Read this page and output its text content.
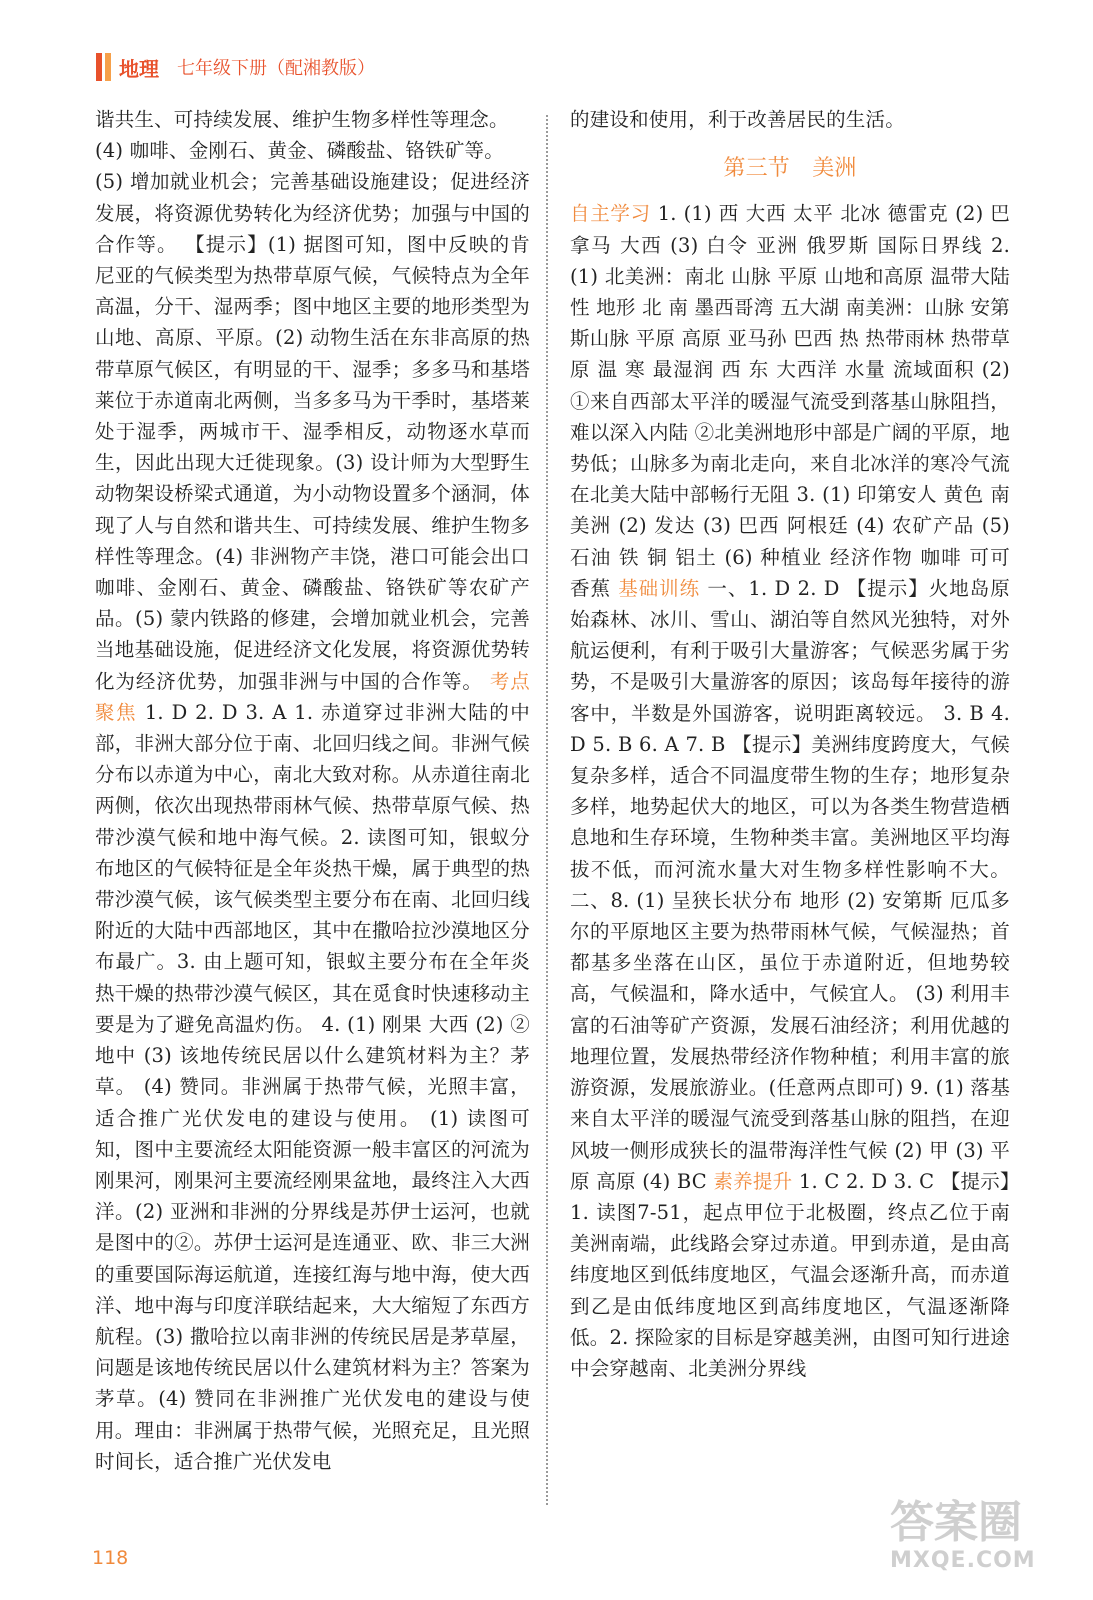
地理 七年级下册（配湘教版）

谐共生、可持续发展、维护生物多样性等理念。

(4) 咖啡、金刚石、黄金、磷酸盐、铬铁矿等。

(5) 增加就业机会；完善基础设施建设；促进经济发展，将资源优势转化为经济优势；加强与中国的合作等。 【提示】(1) 据图可知，图中反映的肯尼亚的气候类型为热带草原气候，气候特点为全年高温，分干、湿两季；图中地区主要的地形类型为山地、高原、平原。(2) 动物生活在东非高原的热带草原气候区，有明显的干、湿季；多多马和基塔莱位于赤道南北两侧，当多多马为干季时，基塔莱处于湿季，两城市干、湿季相反，动物逐水草而生，因此出现大迁徙现象。(3) 设计师为大型野生动物架设桥梁式通道，为小动物设置多个涵洞，体现了人与自然和谐共生、可持续发展、维护生物多样性等理念。(4) 非洲物产丰饶，港口可能会出口咖啡、金刚石、黄金、磷酸盐、铬铁矿等农矿产品。(5) 蒙内铁路的修建，会增加就业机会，完善当地基础设施，促进经济文化发展，将资源优势转化为经济优势，加强非洲与中国的合作等。 考点聚焦 1. D 2. D 3. A 1. 赤道穿过非洲大陆的中部，非洲大部分位于南、北回归线之间。非洲气候分布以赤道为中心，南北大致对称。从赤道往南北两侧，依次出现热带雨林气候、热带草原气候、热带沙漠气候和地中海气候。2. 读图可知，银蚁分布地区的气候特征是全年炎热干燥，属于典型的热带沙漠气候，该气候类型主要分布在南、北回归线附近的大陆中西部地区，其中在撒哈拉沙漠地区分布最广。3. 由上题可知，银蚁主要分布在全年炎热干燥的热带沙漠气候区，其在觅食时快速移动主要是为了避免高温灼伤。 4. (1) 刚果 大西 (2) ② 地中 (3) 该地传统民居以什么建筑材料为主？茅草。 (4) 赞同。非洲属于热带气候，光照丰富，适合推广光伏发电的建设与使用。 (1) 读图可知，图中主要流经太阳能资源一般丰富区的河流为刚果河，刚果河主要流经刚果盆地，最终注入大西洋。(2) 亚洲和非洲的分界线是苏伊士运河，也就是图中的②。苏伊士运河是连通亚、欧、非三大洲的重要国际海运航道，连接红海与地中海，使大西洋、地中海与印度洋联结起来，大大缩短了东西方航程。(3) 撒哈拉以南非洲的传统民居是茅草屋，问题是该地传统民居以什么建筑材料为主？答案为茅草。(4) 赞同在非洲推广光伏发电的建设与使用。理由：非洲属于热带气候，光照充足，且光照时间长，适合推广光伏发电

的建设和使用，利于改善居民的生活。

第三节　美洲

自主学习 1. (1) 西 大西 太平 北冰 德雷克 (2) 巴拿马 大西 (3) 白令 亚洲 俄罗斯 国际日界线 2. (1) 北美洲：南北 山脉 平原 山地和高原 温带大陆性 地形 北 南 墨西哥湾 五大湖 南美洲：山脉 安第斯山脉 平原 高原 亚马孙 巴西 热 热带雨林 热带草原 温 寒 最湿润 西 东 大西洋 水量 流域面积 (2) ①来自西部太平洋的暖湿气流受到落基山脉阻挡，难以深入内陆 ②北美洲地形中部是广阔的平原，地势低；山脉多为南北走向，来自北冰洋的寒冷气流在北美大陆中部畅行无阻 3. (1) 印第安人 黄色 南美洲 (2) 发达 (3) 巴西 阿根廷 (4) 农矿产品 (5) 石油 铁 铜 铝土 (6) 种植业 经济作物 咖啡 可可 香蕉 基础训练 一、1. D 2. D 【提示】火地岛原始森林、冰川、雪山、湖泊等自然风光独特，对外航运便利，有利于吸引大量游客；气候恶劣属于劣势，不是吸引大量游客的原因；该岛每年接待的游客中，半数是外国游客，说明距离较远。 3. B 4. D 5. B 6. A 7. B 【提示】美洲纬度跨度大，气候复杂多样，适合不同温度带生物的生存；地形复杂多样，地势起伏大的地区，可以为各类生物营造栖息地和生存环境，生物种类丰富。美洲地区平均海拔不低，而河流水量大对生物多样性影响不大。 二、8. (1) 呈狭长状分布 地形 (2) 安第斯 厄瓜多尔的平原地区主要为热带雨林气候，气候湿热；首都基多坐落在山区，虽位于赤道附近，但地势较高，气候温和，降水适中，气候宜人。 (3) 利用丰富的石油等矿产资源，发展石油经济；利用优越的地理位置，发展热带经济作物种植；利用丰富的旅游资源，发展旅游业。(任意两点即可) 9. (1) 落基 来自太平洋的暖湿气流受到落基山脉的阻挡，在迎风坡一侧形成狭长的温带海洋性气候 (2) 甲 (3) 平原 高原 (4) BC 素养提升 1. C 2. D 3. C 【提示】1. 读图7-51，起点甲位于北极圈，终点乙位于南美洲南端，此线路会穿过赤道。甲到赤道，是由高纬度地区到低纬度地区，气温会逐渐升高，而赤道到乙是由低纬度地区到高纬度地区，气温逐渐降低。2. 探险家的目标是穿越美洲，由图可知行进途中会穿越南、北美洲分界线

118
答案圈
MXQE.COM
